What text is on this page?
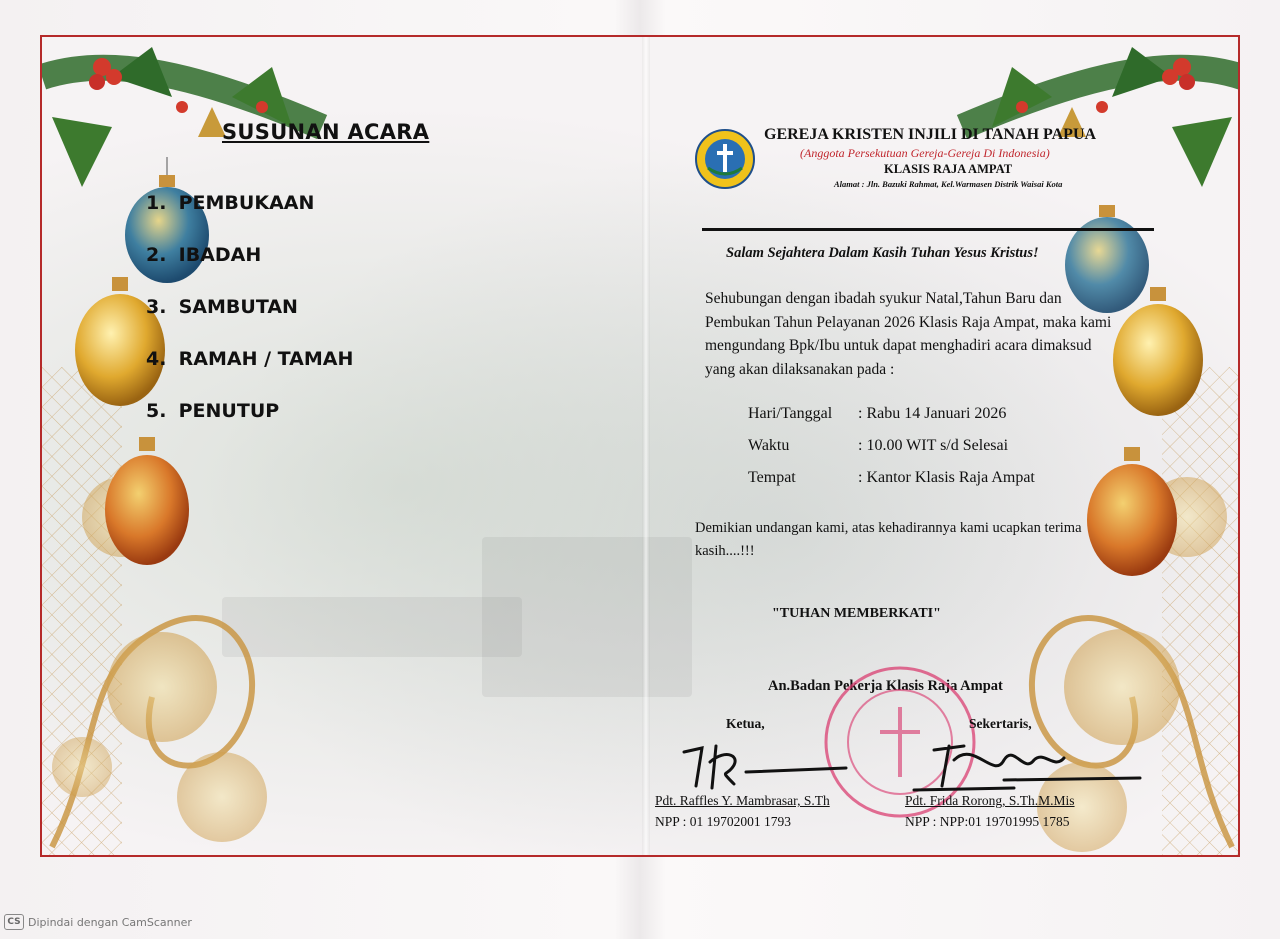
SUSUNAN ACARA
1. PEMBUKAAN
2. IBADAH
3. SAMBUTAN
4. RAMAH / TAMAH
5. PENUTUP
GEREJA KRISTEN INJILI DI TANAH PAPUA
(Anggota Persekutuan Gereja-Gereja Di Indonesia)
KLASIS RAJA AMPAT
Alamat : Jln. Bazuki Rahmat, Kel.Warmasen Distrik Waisai Kota
Salam Sejahtera Dalam Kasih Tuhan Yesus Kristus!
Sehubungan dengan ibadah syukur Natal,Tahun Baru dan Pembukan Tahun Pelayanan 2026 Klasis Raja Ampat, maka kami mengundang Bpk/Ibu untuk dapat menghadiri acara dimaksud yang akan dilaksanakan pada :
Hari/Tanggal : Rabu 14 Januari 2026
Waktu	: 10.00 WIT s/d Selesai
Tempat	: Kantor Klasis Raja Ampat
Demikian undangan kami, atas kehadirannya kami ucapkan terima kasih....!!!
"TUHAN MEMBERKATI"
An.Badan Pekerja Klasis Raja Ampat
Ketua,	Sekertaris,
Pdt. Raffles Y. Mambrasar, S.Th
NPP : 01 19702001 1793
Pdt. Frida Rorong, S.Th.M.Mis
NPP : NPP:01 19701995 1785
CS Dipindai dengan CamScanner
